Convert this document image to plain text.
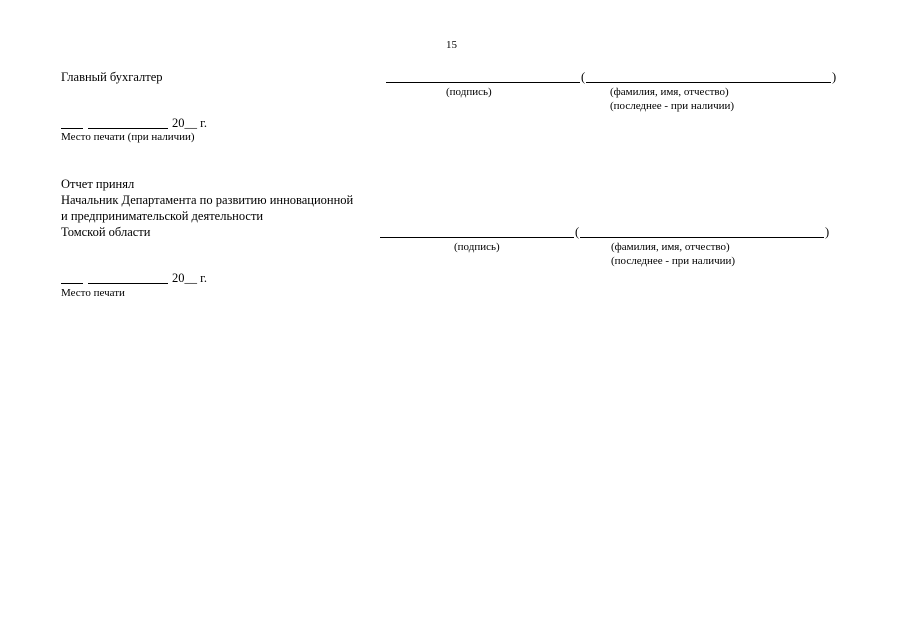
15
Главный бухгалтер	(	)
(подпись)	(фамилия, имя, отчество)
(последнее - при наличии)
20__ г.
Место печати (при наличии)
Отчет принял
Начальник Департамента по развитию инновационной
и предпринимательской деятельности
Томской области	(	)
(подпись)	(фамилия, имя, отчество)
(последнее - при наличии)
20__ г.
Место печати
